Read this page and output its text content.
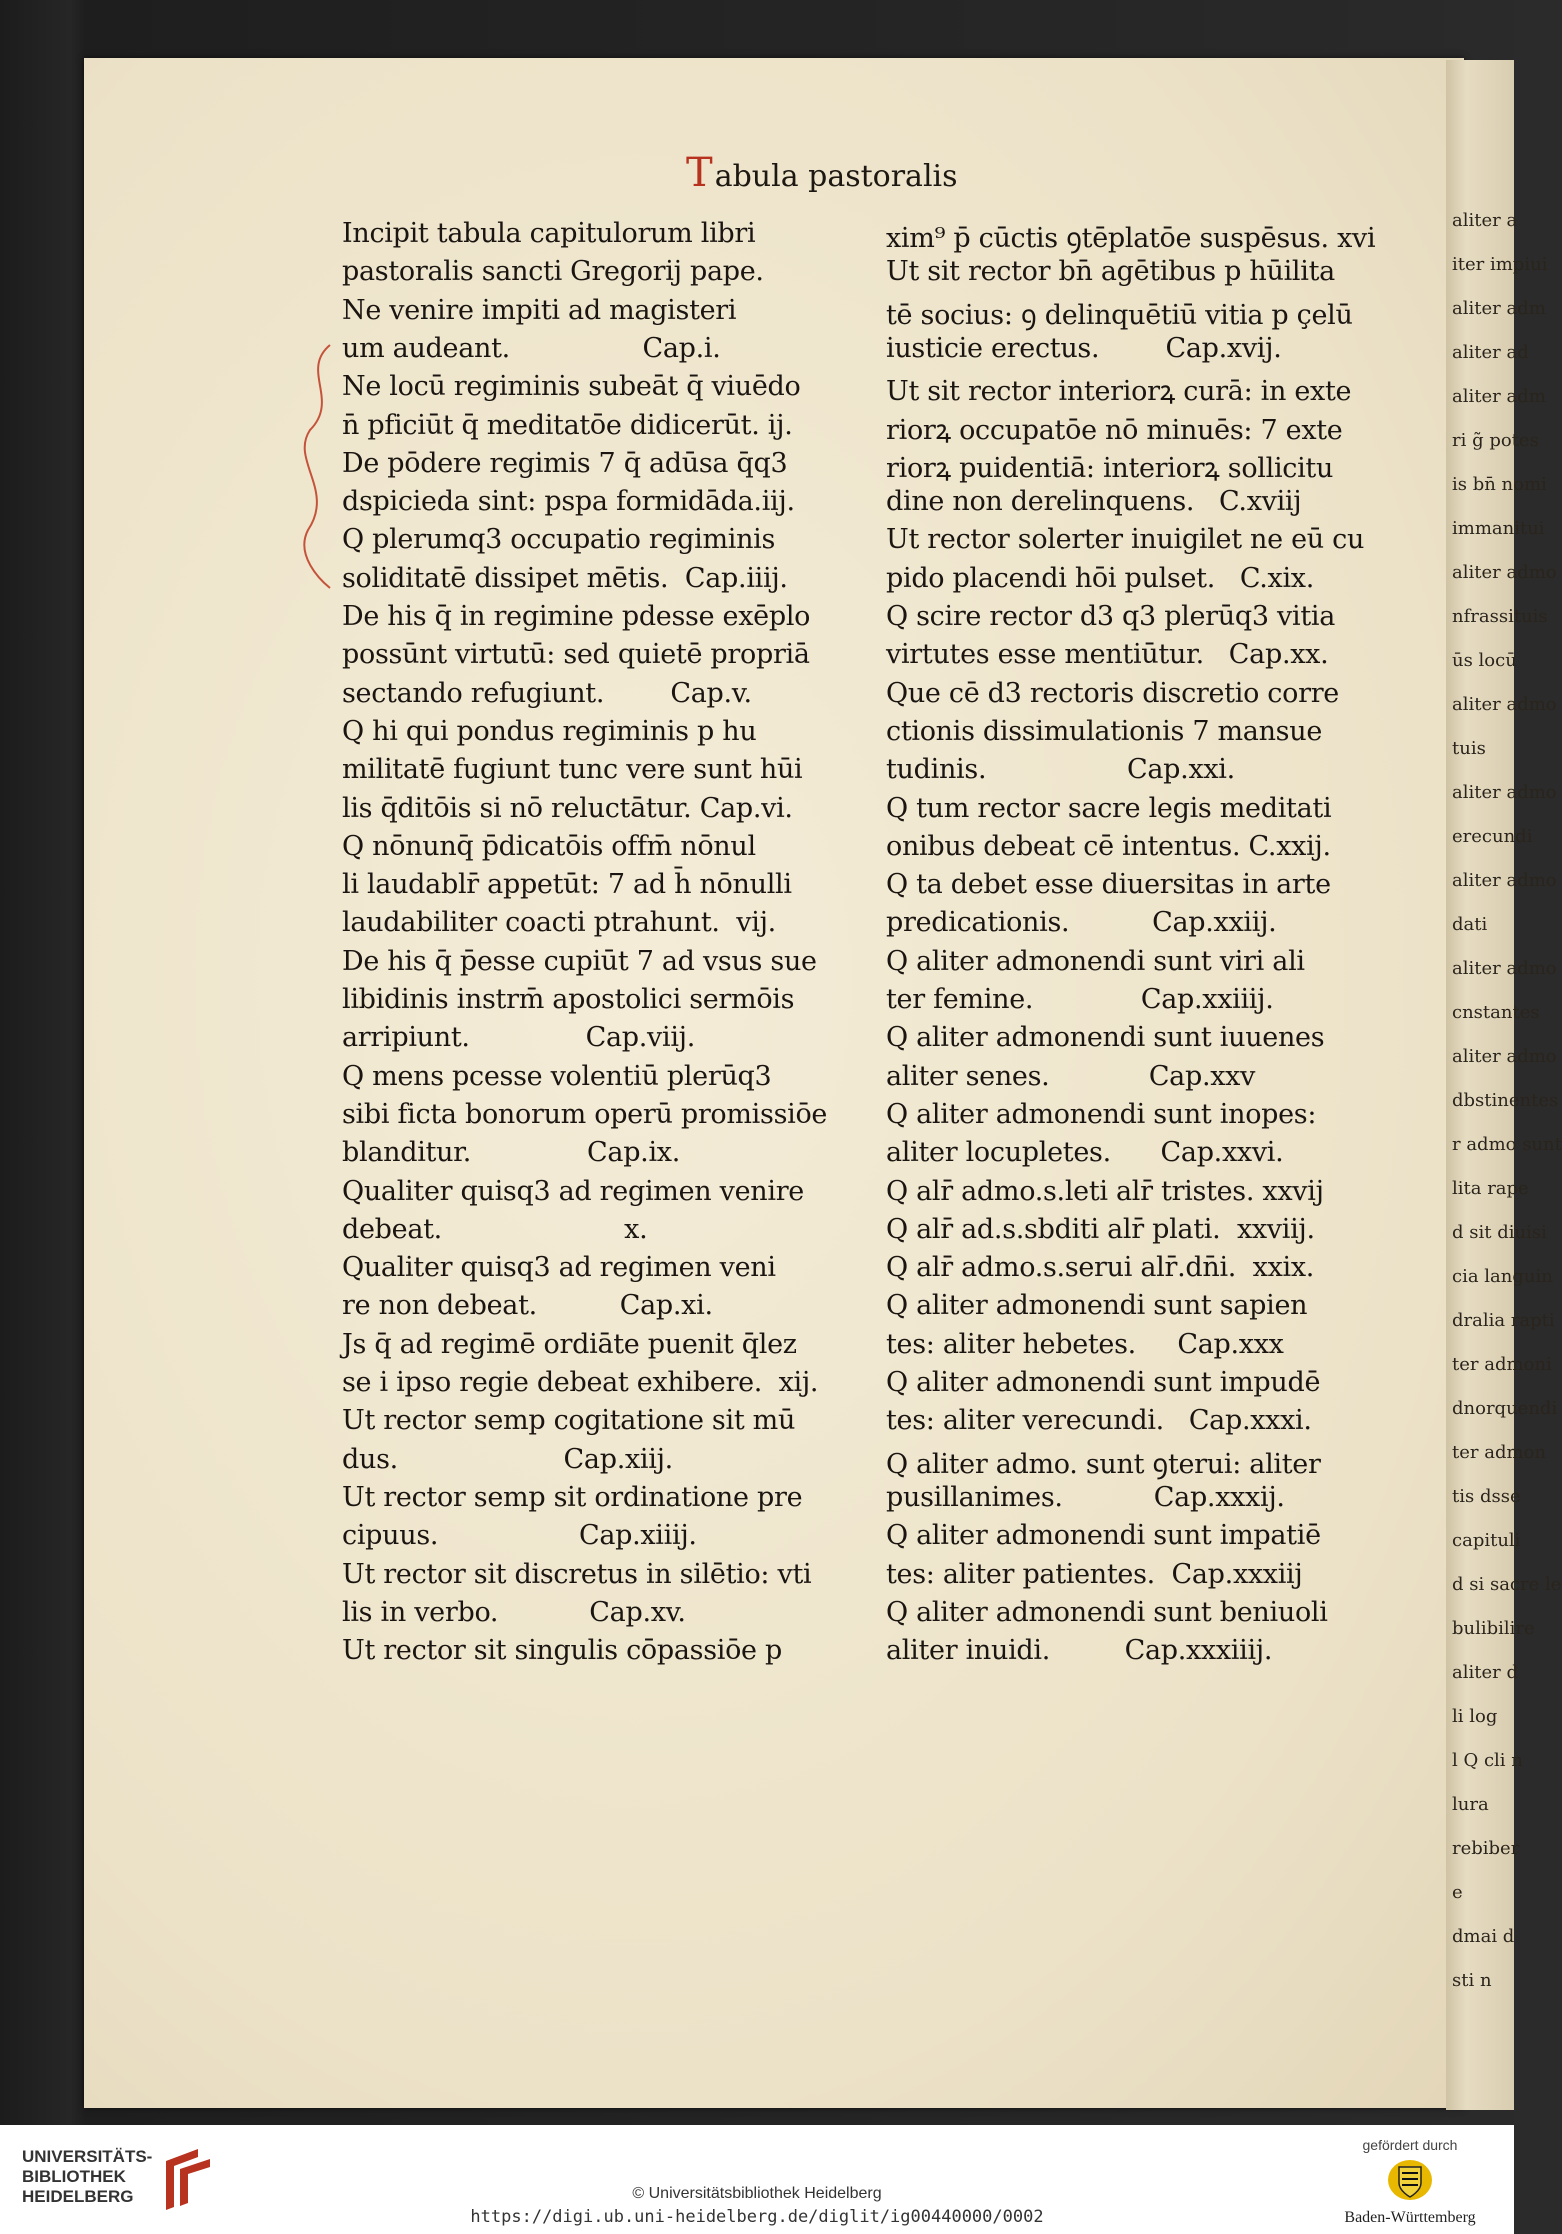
Tabula pastoralis
Incipit tabula capitulorum libri
pastoralis sancti Gregorij pape.
Ne venire impiti ad magisteri
um audeant.                Cap.i.
Ne locū regiminis subeāt q̄ viuēdo
n̄ pficiūt q̄ meditatōe didicerūt. ij.
De pōdere regimis 7 q̄ adūsa q̄q3
dspicieda sint: pspa formidāda.iij.
Q plerumq3 occupatio regiminis
soliditatē dissipet mētis.  Cap.iiij.
De his q̄ in regimine pdesse exēplo
possūnt virtutū: sed quietē propriā
sectando refugiunt.        Cap.v.
Q hi qui pondus regiminis p hu
militatē fugiunt tunc vere sunt hūi
lis q̄ditōis si nō reluctātur. Cap.vi.
Q nōnunq̄ p̄dicatōis offm̄ nōnul
li laudablr̄ appetūt: 7 ad h̄ nōnulli
laudabiliter coacti ptrahunt.  vij.
De his q̄ p̄esse cupiūt 7 ad vsus sue
libidinis instrm̄ apostolici sermōis
arripiunt.              Cap.viij.
Q mens pcesse volentiū plerūq3
sibi ficta bonorum operū promissiōe
blanditur.              Cap.ix.
Qualiter quisq3 ad regimen venire
debeat.                      x.
Qualiter quisq3 ad regimen veni
re non debeat.          Cap.xi.
Js q̄ ad regimē ordiāte puenit q̄lez
se i ipso regie debeat exhibere.  xij.
Ut rector semp cogitatione sit mū
dus.                    Cap.xiij.
Ut rector semp sit ordinatione pre
cipuus.                 Cap.xiiij.
Ut rector sit discretus in silētio: vti
lis in verbo.           Cap.xv.
Ut rector sit singulis cōpassiōe p
xim⁹ p̄ cūctis ꝯtēplatōe suspēsus. xvi
Ut sit rector bn̄ agētibus p hūilita
tē socius: ꝯ delinquētiū vitia p çelū
iusticie erectus.        Cap.xvij.
Ut sit rector interiorꝝ curā: in exte
riorꝝ occupatōe nō minuēs: 7 exte
riorꝝ puidentiā: interiorꝝ sollicitu
dine non derelinquens.   C.xviij
Ut rector solerter inuigilet ne eū cu
pido placendi hōi pulset.   C.xix.
Q scire rector d3 q3 plerūq3 vitia
virtutes esse mentiūtur.   Cap.xx.
Que cē d3 rectoris discretio corre
ctionis dissimulationis 7 mansue
tudinis.                 Cap.xxi.
Q tum rector sacre legis meditati
onibus debeat cē intentus. C.xxij.
Q ta debet esse diuersitas in arte
predicationis.          Cap.xxiij.
Q aliter admonendi sunt viri ali
ter femine.             Cap.xxiiij.
Q aliter admonendi sunt iuuenes
aliter senes.            Cap.xxv
Q aliter admonendi sunt inopes:
aliter locupletes.      Cap.xxvi.
Q alr̄ admo.s.leti alr̄ tristes. xxvij
Q alr̄ ad.s.sbditi alr̄ plati.  xxviij.
Q alr̄ admo.s.serui alr̄.dn̄i.  xxix.
Q aliter admonendi sunt sapien
tes: aliter hebetes.     Cap.xxx
Q aliter admonendi sunt impudē
tes: aliter verecundi.   Cap.xxxi.
Q aliter admo. sunt ꝯterui: aliter
pusillanimes.           Cap.xxxij.
Q aliter admonendi sunt impatiē
tes: aliter patientes.  Cap.xxxiij
Q aliter admonendi sunt beniuoli
aliter inuidi.         Cap.xxxiiij.
aliter a
iter impiui
aliter adm
aliter ad
aliter adm
ri g̃ potes
is bn̄ nomi
immanitui
aliter admo
nfrassituis
ūs locū
aliter admo
tuis
aliter admo
erecundi
aliter admo
dati
aliter admo
cnstantes
aliter admo
dbstinentes
r admo sunt
lita rape
d sit diuisi
cia languin
dralia rapti
ter admoni
dnorquendi
ter admon
tis dsse
capituli
d si sacre le
bulibilire
aliter d
li log
l Q cli n
lura
rebiber
e
dmai d
sti n
UNIVERSITÄTS-
BIBLIOTHEK
HEIDELBERG	© Universitätsbibliothek Heidelberg
https://digi.ub.uni-heidelberg.de/diglit/ig00440000/0002
gefördert durch
Baden-Württemberg
